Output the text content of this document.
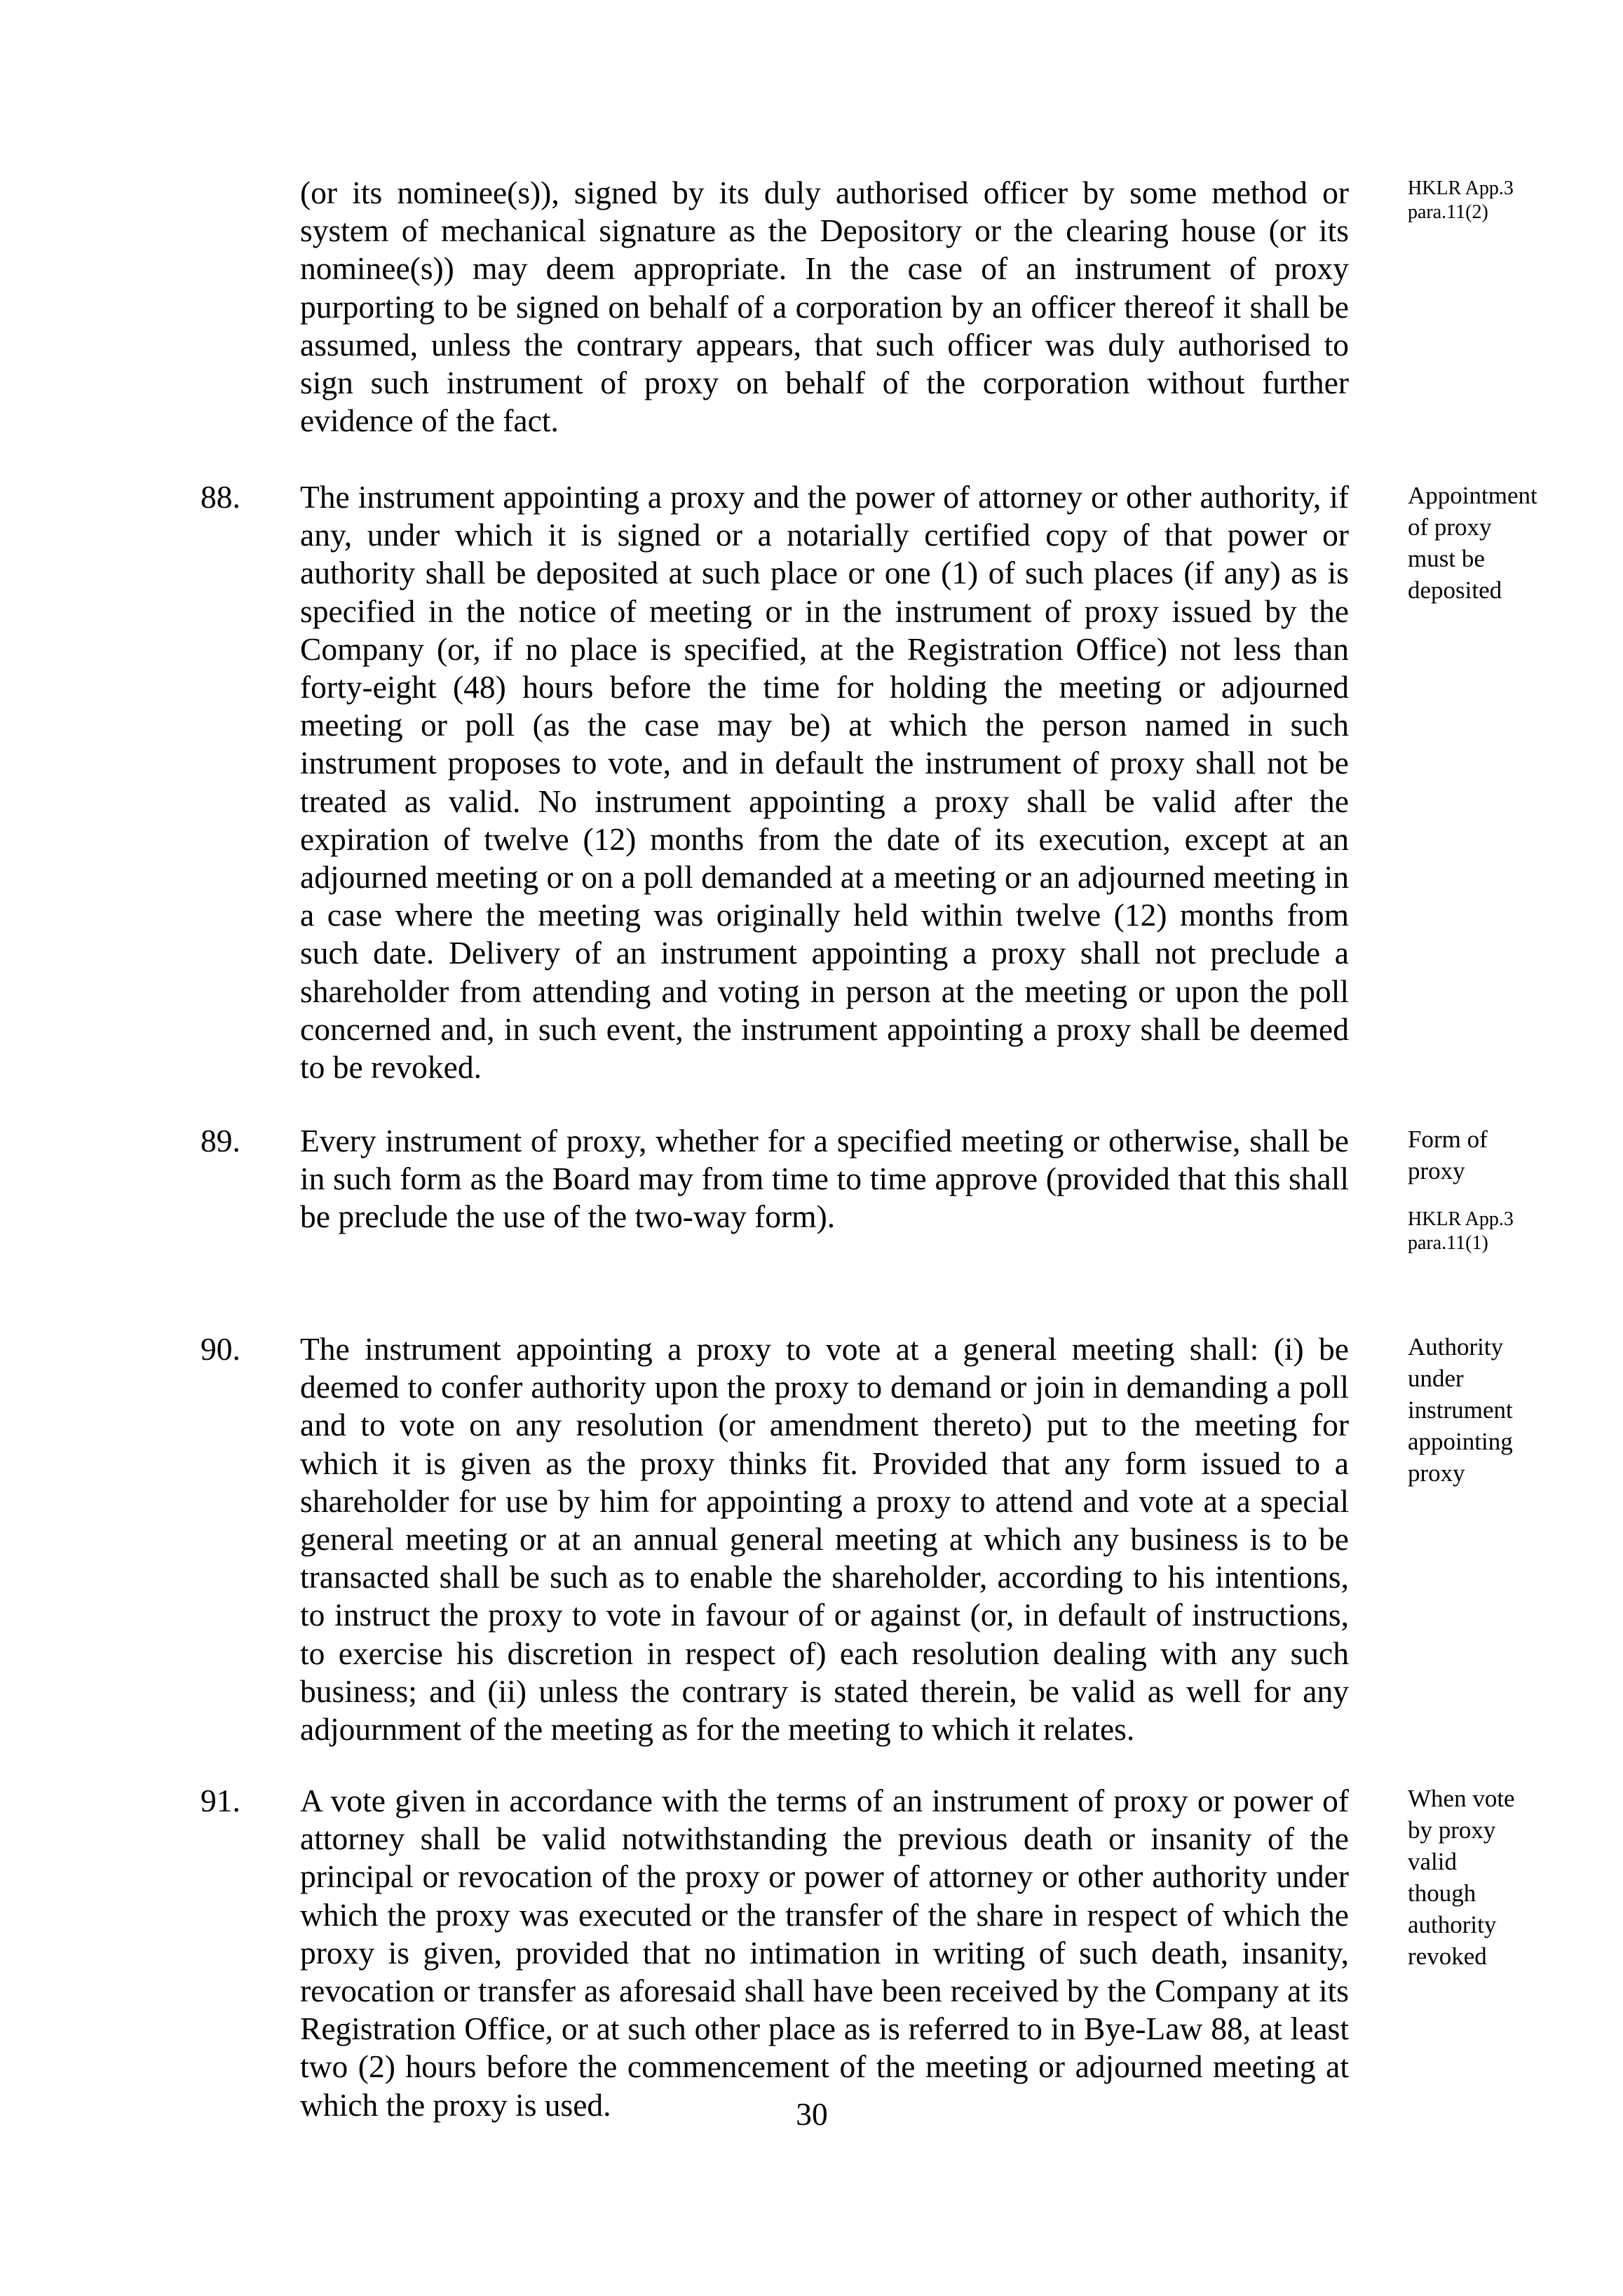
(or its nominee(s)), signed by its duly authorised officer by some method or system of mechanical signature as the Depository or the clearing house (or its nominee(s)) may deem appropriate. In the case of an instrument of proxy purporting to be signed on behalf of a corporation by an officer thereof it shall be assumed, unless the contrary appears, that such officer was duly authorised to sign such instrument of proxy on behalf of the corporation without further evidence of the fact.

HKLR App.3 para.11(2)

88. The instrument appointing a proxy and the power of attorney or other authority, if any, under which it is signed or a notarially certified copy of that power or authority shall be deposited at such place or one (1) of such places (if any) as is specified in the notice of meeting or in the instrument of proxy issued by the Company (or, if no place is specified, at the Registration Office) not less than forty-eight (48) hours before the time for holding the meeting or adjourned meeting or poll (as the case may be) at which the person named in such instrument proposes to vote, and in default the instrument of proxy shall not be treated as valid. No instrument appointing a proxy shall be valid after the expiration of twelve (12) months from the date of its execution, except at an adjourned meeting or on a poll demanded at a meeting or an adjourned meeting in a case where the meeting was originally held within twelve (12) months from such date. Delivery of an instrument appointing a proxy shall not preclude a shareholder from attending and voting in person at the meeting or upon the poll concerned and, in such event, the instrument appointing a proxy shall be deemed to be revoked.

Appointment of proxy must be deposited

89. Every instrument of proxy, whether for a specified meeting or otherwise, shall be in such form as the Board may from time to time approve (provided that this shall be preclude the use of the two-way form).

Form of proxy

HKLR App.3 para.11(1)

90. The instrument appointing a proxy to vote at a general meeting shall: (i) be deemed to confer authority upon the proxy to demand or join in demanding a poll and to vote on any resolution (or amendment thereto) put to the meeting for which it is given as the proxy thinks fit. Provided that any form issued to a shareholder for use by him for appointing a proxy to attend and vote at a special general meeting or at an annual general meeting at which any business is to be transacted shall be such as to enable the shareholder, according to his intentions, to instruct the proxy to vote in favour of or against (or, in default of instructions, to exercise his discretion in respect of) each resolution dealing with any such business; and (ii) unless the contrary is stated therein, be valid as well for any adjournment of the meeting as for the meeting to which it relates.

Authority under instrument appointing proxy

91. A vote given in accordance with the terms of an instrument of proxy or power of attorney shall be valid notwithstanding the previous death or insanity of the principal or revocation of the proxy or power of attorney or other authority under which the proxy was executed or the transfer of the share in respect of which the proxy is given, provided that no intimation in writing of such death, insanity, revocation or transfer as aforesaid shall have been received by the Company at its Registration Office, or at such other place as is referred to in Bye-Law 88, at least two (2) hours before the commencement of the meeting or adjourned meeting at which the proxy is used.

When vote by proxy valid though authority revoked

30
